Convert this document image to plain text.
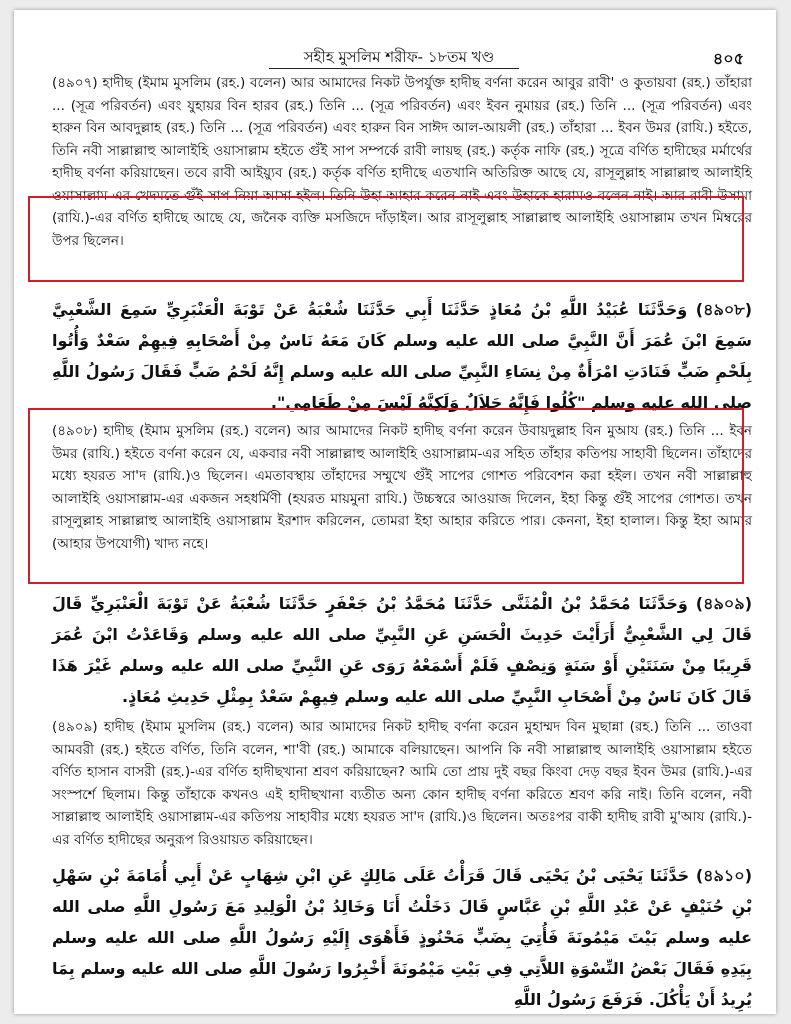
সহীহ মুসলিম শরীফ- ১৮তম খণ্ড	৪০৫

(৪৯০৭) হাদীছ (ইমাম মুসলিম (রহ.) বলেন) আর আমাদের নিকট উপর্যুক্ত হাদীছ বর্ণনা করেন আবুর রাবী' ও কুতায়বা (রহ.) তাঁহারা ... (সূত্র পরিবর্তন) এবং যুহায়র বিন হারব (রহ.) তিনি ... (সূত্র পরিবর্তন) এবং ইবন নুমায়র (রহ.) তিনি ... (সূত্র পরিবর্তন) এবং হারুন বিন আবদুল্লাহ (রহ.) তিনি ... (সূত্র পরিবর্তন) এবং হারুন বিন সাঈদ আল-আয়লী (রহ.) তাঁহারা ... ইবন উমর (রাযি.) হইতে, তিনি নবী সাল্লাল্লাহু আলাইহি ওয়াসাল্লাম হইতে গুঁই সাপ সম্পর্কে রাবী লায়ছ (রহ.) কর্তৃক নাফি (রহ.) সূত্রে বর্ণিত হাদীছের মর্মার্থের হাদীছ বর্ণনা করিয়াছেন। তবে রাবী আইয়্যুব (রহ.) কর্তৃক বর্ণিত হাদীছে এতখানি অতিরিক্ত আছে যে, রাসূলুল্লাহ সাল্লাল্লাহু আলাইহি ওয়াসাল্লাম-এর খেদমতে গুঁই সাপ নিয়া আসা হইল। তিনি উহা আহার করেন নাই এবং উহাকে হারামও বলেন নাই। আর রাবী উসামা (রাযি.)-এর বর্ণিত হাদীছে আছে যে, জনৈক ব্যক্তি মসজিদে দাঁড়াইল। আর রাসূলুল্লাহ সাল্লাল্লাহু আলাইহি ওয়াসাল্লাম তখন মিম্বরের উপর ছিলেন।

(৪৯০৮) وَحَدَّثَنَا عُبَيْدُ اللَّهِ بْنُ مُعَاذٍ حَدَّثَنَا أَبِي حَدَّثَنَا شُعْبَةُ عَنْ تَوْبَةَ الْعَنْبَرِيِّ سَمِعَ الشَّعْبِيَّ سَمِعَ ابْنَ عُمَرَ أَنَّ النَّبِيَّ صلى الله عليه وسلم كَانَ مَعَهُ نَاسٌ مِنْ أَصْحَابِهِ فِيهِمْ سَعْدٌ وَأُتُوا بِلَحْمِ ضَبٍّ فَنَادَتِ امْرَأَةٌ مِنْ نِسَاءِ النَّبِيِّ صلى الله عليه وسلم إِنَّهُ لَحْمُ ضَبٍّ فَقَالَ رَسُولُ اللَّهِ صلى الله عليه وسلم "كُلُوا فَإِنَّهُ حَلاَلٌ وَلَكِنَّهُ لَيْسَ مِنْ طَعَامِي".

(৪৯০৮) হাদীছ (ইমাম মুসলিম (রহ.) বলেন) আর আমাদের নিকট হাদীছ বর্ণনা করেন উবায়দুল্লাহ বিন মুআয (রহ.) তিনি ... ইবন উমর (রাযি.) হইতে বর্ণনা করেন যে, একবার নবী সাল্লাল্লাহু আলাইহি ওয়াসাল্লাম-এর সহিত তাঁহার কতিপয় সাহাবী ছিলেন। তাঁহাদের মধ্যে হযরত সা'দ (রাযি.)ও ছিলেন। এমতাবস্থায় তাঁহাদের সম্মুখে গুঁই সাপের গোশত পরিবেশন করা হইল। তখন নবী সাল্লাল্লাহু আলাইহি ওয়াসাল্লাম-এর একজন সহধর্মিণী (হযরত মায়মুনা রাযি.) উচ্চস্বরে আওয়াজ দিলেন, ইহা কিন্তু গুঁই সাপের গোশত। তখন রাসূলুল্লাহ সাল্লাল্লাহু আলাইহি ওয়াসাল্লাম ইরশাদ করিলেন, তোমরা ইহা আহার করিতে পার। কেননা, ইহা হালাল। কিন্তু ইহা আমার (আহার উপযোগী) খাদ্য নহে।

(৪৯০৯) وَحَدَّثَنَا مُحَمَّدُ بْنُ الْمُثَنَّى حَدَّثَنَا مُحَمَّدُ بْنُ جَعْفَرٍ حَدَّثَنَا شُعْبَةُ عَنْ تَوْبَةَ الْعَنْبَرِيِّ قَالَ قَالَ لِي الشَّعْبِيُّ أَرَأَيْتَ حَدِيثَ الْحَسَنِ عَنِ النَّبِيِّ صلى الله عليه وسلم وَقَاعَدْتُ ابْنَ عُمَرَ قَرِيبًا مِنْ سَنَتَيْنِ أَوْ سَنَةٍ وَنِصْفٍ فَلَمْ أَسْمَعْهُ رَوَى عَنِ النَّبِيِّ صلى الله عليه وسلم غَيْرَ هَذَا قَالَ كَانَ نَاسٌ مِنْ أَصْحَابِ النَّبِيِّ صلى الله عليه وسلم فِيهِمْ سَعْدٌ بِمِثْلِ حَدِيثِ مُعَاذٍ.

(৪৯০৯) হাদীছ (ইমাম মুসলিম (রহ.) বলেন) আর আমাদের নিকট হাদীছ বর্ণনা করেন মুহাম্মদ বিন মুছান্না (রহ.) তিনি ... তাওবা আমবরী (রহ.) হইতে বর্ণিত, তিনি বলেন, শা'বী (রহ.) আমাকে বলিয়াছেন। আপনি কি নবী সাল্লাল্লাহু আলাইহি ওয়াসাল্লাম হইতে বর্ণিত হাসান বাসরী (রহ.)-এর বর্ণিত হাদীছখানা শ্রবণ করিয়াছেন? আমি তো প্রায় দুই বছর কিংবা দেড় বছর ইবন উমর (রাযি.)-এর সংস্পর্শে ছিলাম। কিন্তু তাঁহাকে কখনও এই হাদীছখানা ব্যতীত অন্য কোন হাদীছ বর্ণনা করিতে শ্রবণ করি নাই। তিনি বলেন, নবী সাল্লাল্লাহু আলাইহি ওয়াসাল্লাম-এর কতিপয় সাহাবীর মধ্যে হযরত সা'দ (রাযি.)ও ছিলেন। অতঃপর বাকী হাদীছ রাবী মু'আয (রাযি.)-এর বর্ণিত হাদীছের অনুরূপ রিওয়ায়ত করিয়াছেন।

(৪৯১০) حَدَّثَنَا يَحْيَى بْنُ يَحْيَى قَالَ قَرَأْتُ عَلَى مَالِكٍ عَنِ ابْنِ شِهَابٍ عَنْ أَبِي أُمَامَةَ بْنِ سَهْلِ بْنِ حُنَيْفٍ عَنْ عَبْدِ اللَّهِ بْنِ عَبَّاسٍ قَالَ دَخَلْتُ أَنَا وَخَالِدُ بْنُ الْوَلِيدِ مَعَ رَسُولِ اللَّهِ صلى الله عليه وسلم بَيْتَ مَيْمُونَةَ فَأُتِيَ بِضَبٍّ مَحْنُوذٍ فَأَهْوَى إِلَيْهِ رَسُولُ اللَّهِ صلى الله عليه وسلم بِيَدِهِ فَقَالَ بَعْضُ النِّسْوَةِ اللاَّتِي فِي بَيْتِ مَيْمُونَةَ أَخْبِرُوا رَسُولَ اللَّهِ صلى الله عليه وسلم بِمَا يُرِيدُ أَنْ يَأْكُلَ. فَرَفَعَ رَسُولُ اللَّهِ
